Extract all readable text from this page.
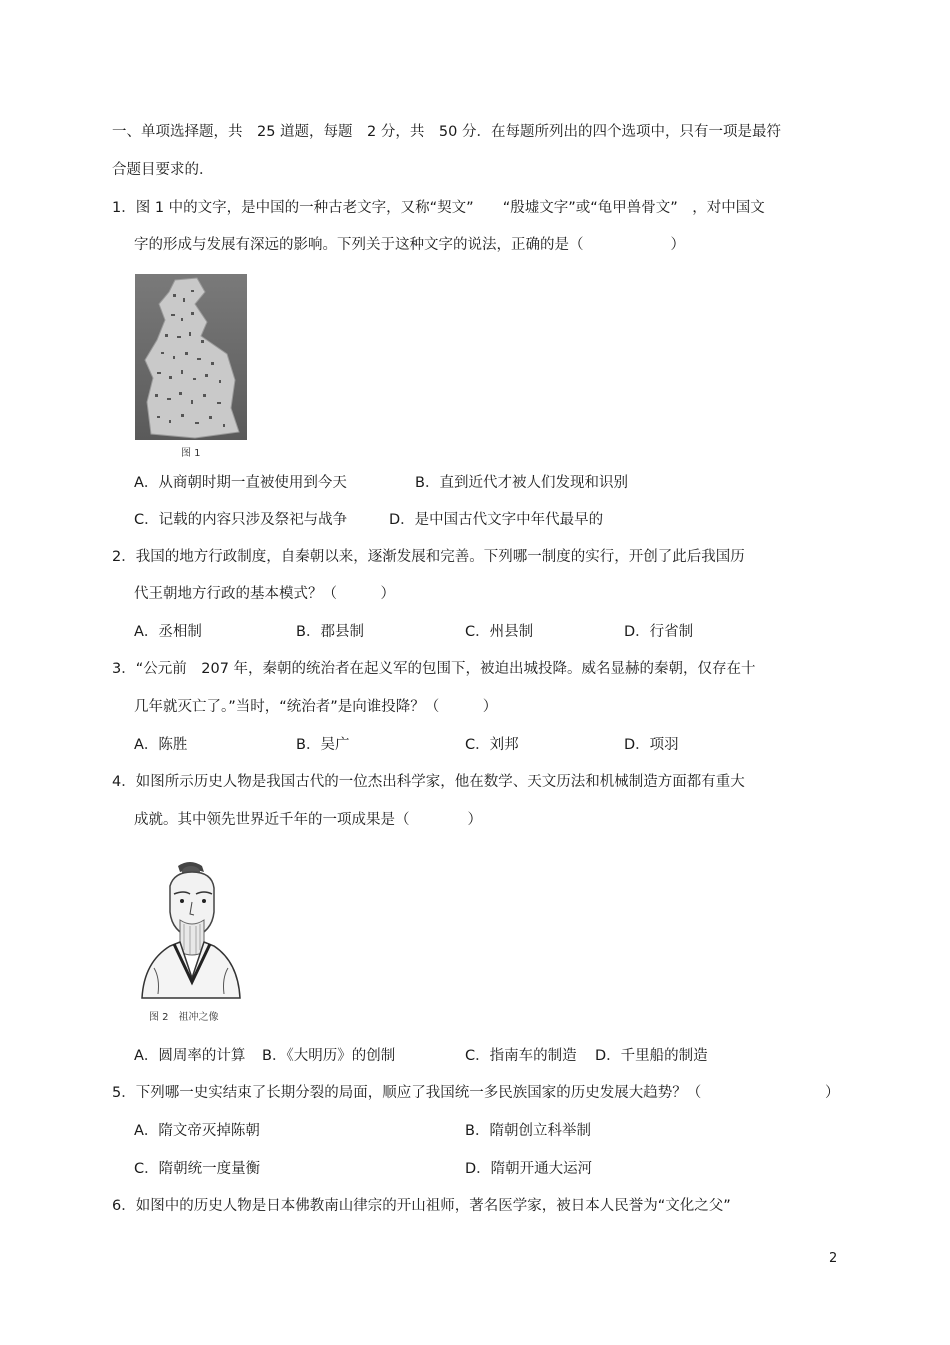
一、单项选择题，共　25 道题，每题　2 分，共　50 分．在每题所列出的四个选项中，只有一项是最符
合题目要求的．
1．图 1 中的文字，是中国的一种古老文字，又称“契文”　　“殷墟文字”或“龟甲兽骨文”　，对中国文
字的形成与发展有深远的影响。下列关于这种文字的说法，正确的是（　　　　　　）
图 1
A．从商朝时期一直被使用到今天	B．直到近代才被人们发现和识别
C．记载的内容只涉及祭祀与战争	D．是中国古代文字中年代最早的
2．我国的地方行政制度，自秦朝以来，逐渐发展和完善。下列哪一制度的实行，开创了此后我国历
代王朝地方行政的基本模式？（　　　）
A．丞相制	B．郡县制	C．州县制	D．行省制
3．“公元前　207 年，秦朝的统治者在起义军的包围下，被迫出城投降。威名显赫的秦朝，仅存在十
几年就灭亡了。”当时，“统治者”是向谁投降？（　　　）
A．陈胜	B．吴广	C．刘邦	D．项羽
4．如图所示历史人物是我国古代的一位杰出科学家，他在数学、天文历法和机械制造方面都有重大
成就。其中领先世界近千年的一项成果是（　　　　）
图 2　祖冲之像
A．圆周率的计算 B．《大明历》的创制	C．指南车的制造 D．千里船的制造
5．下列哪一史实结束了长期分裂的局面，顺应了我国统一多民族国家的历史发展大趋势？（	）
A．隋文帝灭掉陈朝	B．隋朝创立科举制
C．隋朝统一度量衡	D．隋朝开通大运河
6．如图中的历史人物是日本佛教南山律宗的开山祖师，著名医学家，被日本人民誉为“文化之父”
2
